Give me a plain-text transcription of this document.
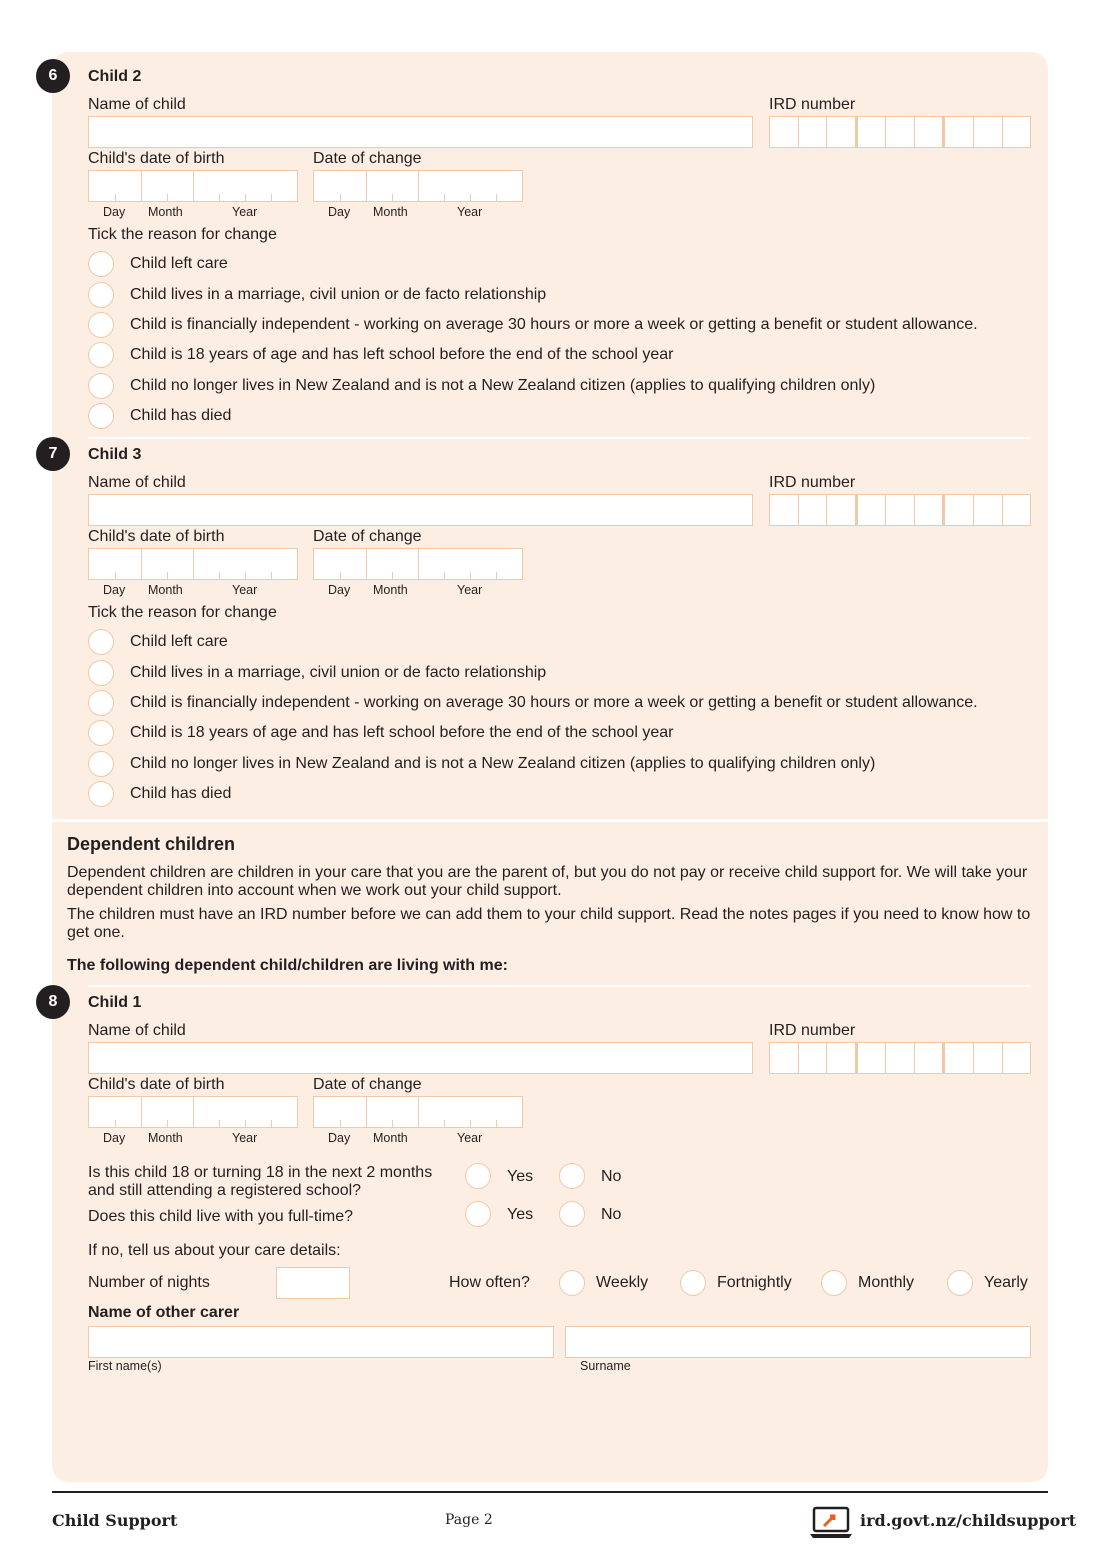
6	Child 2
Name of child	IRD number
Child's date of birth	Date of change
Day Month	Year	Day Month	Year
Tick the reason for change
Child left care
Child lives in a marriage, civil union or de facto relationship
Child is financially independent - working on average 30 hours or more a week or getting a benefit or student allowance.
Child is 18 years of age and has left school before the end of the school year
Child no longer lives in New Zealand and is not a New Zealand citizen (applies to qualifying children only)
Child has died
7	Child 3
Name of child	IRD number
Child's date of birth	Date of change
Day Month	Year	Day Month	Year
Tick the reason for change
Child left care
Child lives in a marriage, civil union or de facto relationship
Child is financially independent - working on average 30 hours or more a week or getting a benefit or student allowance.
Child is 18 years of age and has left school before the end of the school year
Child no longer lives in New Zealand and is not a New Zealand citizen (applies to qualifying children only)
Child has died
Dependent children
Dependent children are children in your care that you are the parent of, but you do not pay or receive child support for. We will take your dependent children into account when we work out your child support.
The children must have an IRD number before we can add them to your child support. Read the notes pages if you need to know how to get one.
The following dependent child/children are living with me:
8	Child 1
Name of child	IRD number
Child's date of birth	Date of change
Day Month	Year	Day Month	Year
Is this child 18 or turning 18 in the next 2 months and still attending a registered school?
Yes	No
Does this child live with you full-time?	Yes	No
If no, tell us about your care details:
Number of nights	How often?	Weekly	Fortnightly	Monthly	Yearly
Name of other carer
First name(s)	Surname
Child Support	Page 2	ird.govt.nz/childsupport
